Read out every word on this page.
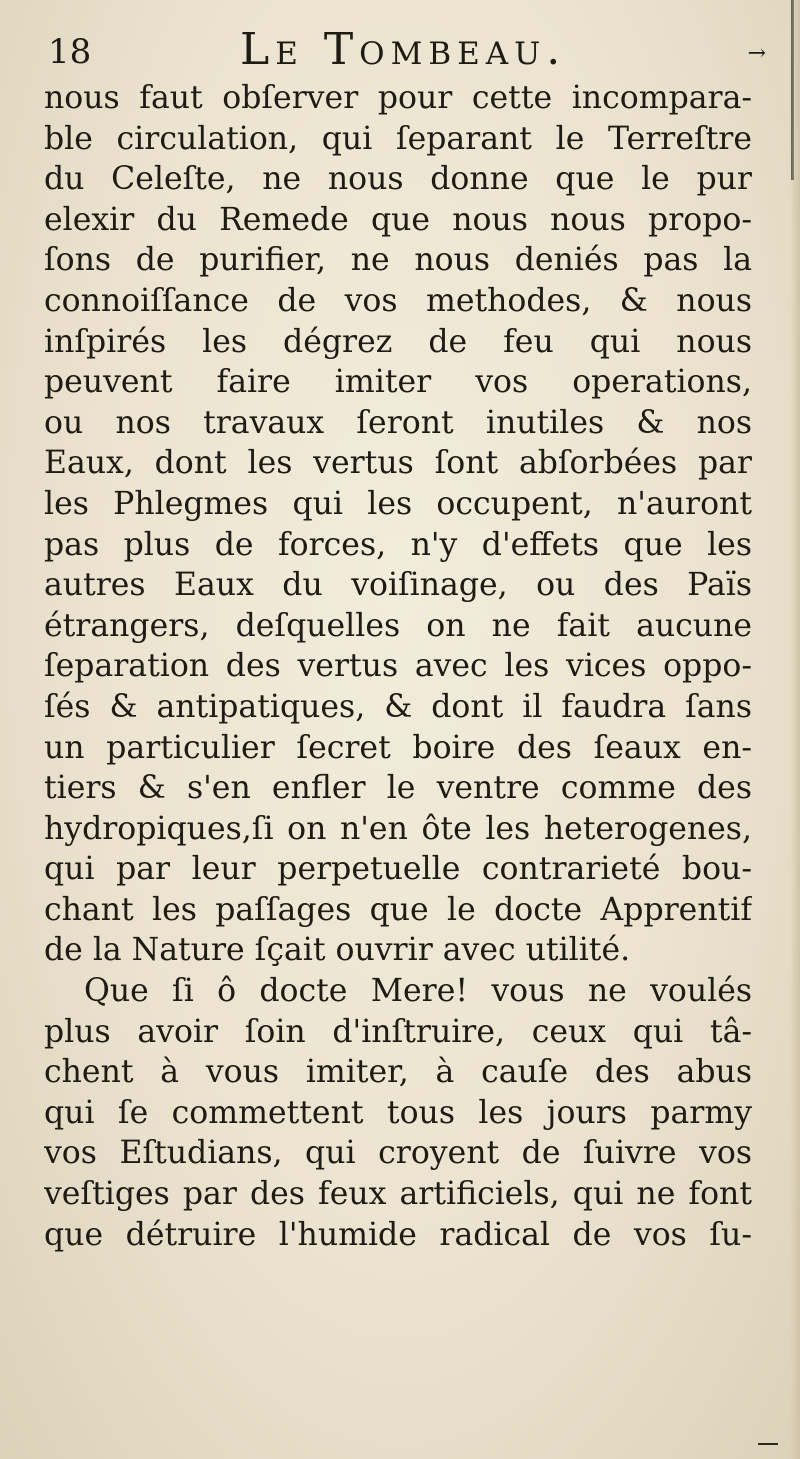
18	Le Tombeau.	→
nous faut obſerver pour cette incompara-
ble circulation, qui ſeparant le Terreſtre
du Celeſte, ne nous donne que le pur
elexir du Remede que nous nous propo-
ſons de purifier, ne nous deniés pas la
connoiſſance de vos methodes, & nous
inſpirés les dégrez de feu qui nous
peuvent faire imiter vos operations,
ou nos travaux ſeront inutiles & nos
Eaux, dont les vertus ſont abſorbées par
les Phlegmes qui les occupent, n'auront
pas plus de forces, n'y d'effets que les
autres Eaux du voiſinage, ou des Païs
étrangers, deſquelles on ne fait aucune
ſeparation des vertus avec les vices oppo-
ſés & antipatiques, & dont il faudra ſans
un particulier ſecret boire des ſeaux en-
tiers & s'en enfler le ventre comme des
hydropiques,ſi on n'en ôte les heterogenes,
qui par leur perpetuelle contrarieté bou-
chant les paſſages que le docte Apprentif
de la Nature ſçait ouvrir avec utilité.
Que ſi ô docte Mere! vous ne voulés
plus avoir ſoin d'inſtruire, ceux qui tâ-
chent à vous imiter, à cauſe des abus
qui ſe commettent tous les jours parmy
vos Eſtudians, qui croyent de ſuivre vos
veſtiges par des feux artificiels, qui ne font
que détruire l'humide radical de vos ſu-
